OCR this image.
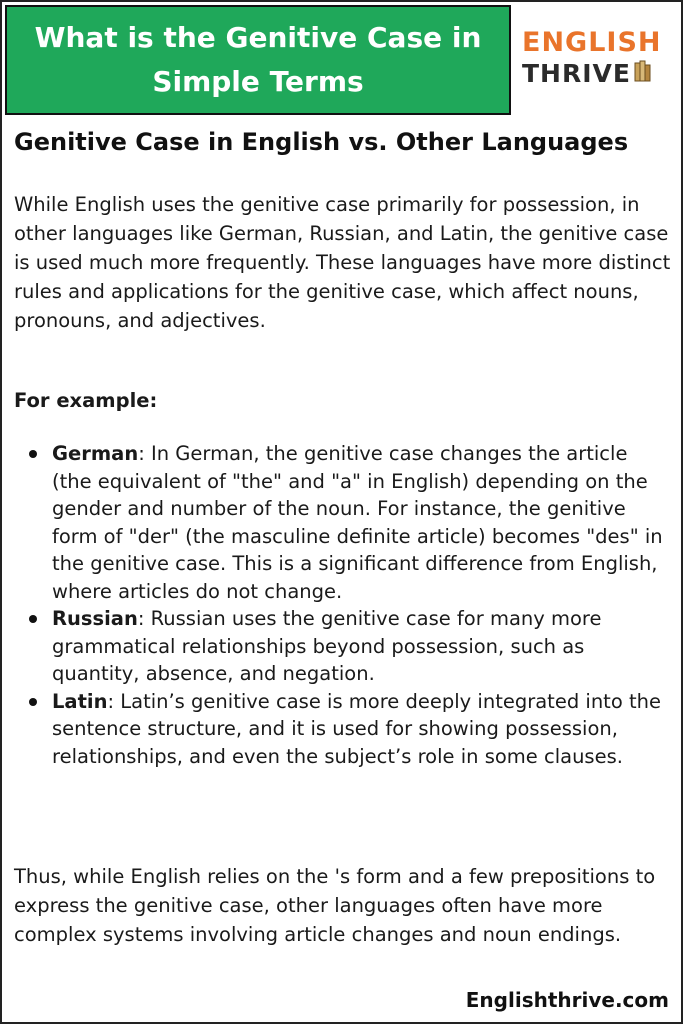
What is the Genitive Case in Simple Terms
ENGLISH
THRIVE
Genitive Case in English vs. Other Languages
While English uses the genitive case primarily for possession, in other languages like German, Russian, and Latin, the genitive case is used much more frequently. These languages have more distinct rules and applications for the genitive case, which affect nouns, pronouns, and adjectives.
For example:
German: In German, the genitive case changes the article (the equivalent of "the" and "a" in English) depending on the gender and number of the noun. For instance, the genitive form of "der" (the masculine definite article) becomes "des" in the genitive case. This is a significant difference from English, where articles do not change.
Russian: Russian uses the genitive case for many more grammatical relationships beyond possession, such as quantity, absence, and negation.
Latin: Latin’s genitive case is more deeply integrated into the sentence structure, and it is used for showing possession, relationships, and even the subject’s role in some clauses.
Thus, while English relies on the 's form and a few prepositions to express the genitive case, other languages often have more complex systems involving article changes and noun endings.
Englishthrive.com
